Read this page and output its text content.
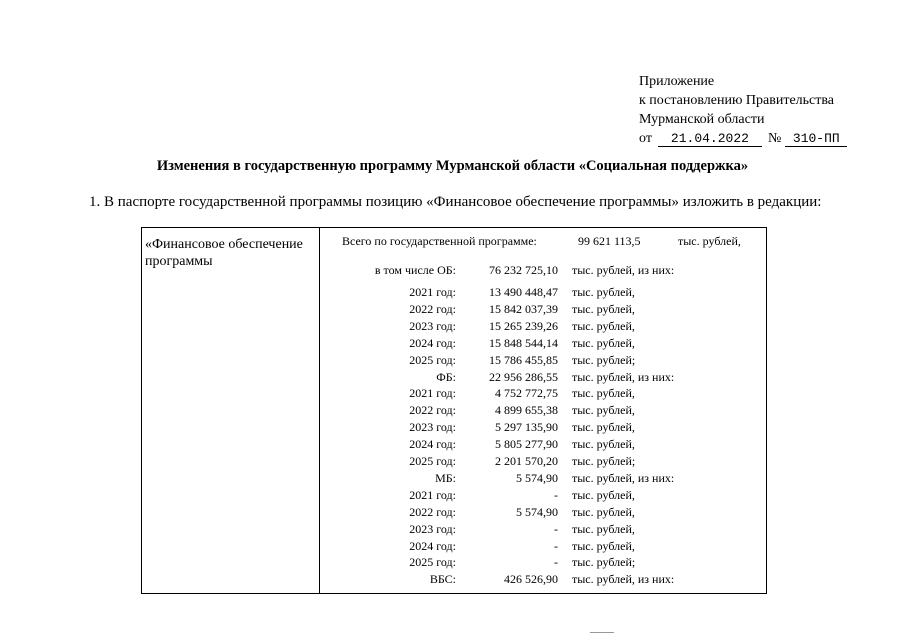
Приложение
к постановлению Правительства
Мурманской области
от 21.04.2022 № 310-ПП
Изменения в государственную программу Мурманской области «Социальная поддержка»
1. В паспорте государственной программы позицию «Финансовое обеспечение программы» изложить в редакции:
«Финансовое обеспечение программы
Всего по государственной программе:	99 621 113,5	тыс. рублей,
в том числе ОБ:	76 232 725,10 тыс. рублей, из них:
2021 год:	13 490 448,47 тыс. рублей,
2022 год:	15 842 037,39 тыс. рублей,
2023 год:	15 265 239,26 тыс. рублей,
2024 год:	15 848 544,14 тыс. рублей,
2025 год:	15 786 455,85 тыс. рублей;
ФБ:	22 956 286,55 тыс. рублей, из них:
2021 год:	4 752 772,75 тыс. рублей,
2022 год:	4 899 655,38 тыс. рублей,
2023 год:	5 297 135,90 тыс. рублей,
2024 год:	5 805 277,90 тыс. рублей,
2025 год:	2 201 570,20 тыс. рублей;
МБ:	5 574,90 тыс. рублей, из них:
2021 год:	- тыс. рублей,
2022 год:	5 574,90 тыс. рублей,
2023 год:	- тыс. рублей,
2024 год:	- тыс. рублей,
2025 год:	- тыс. рублей;
ВБС:	426 526,90 тыс. рублей, из них:
